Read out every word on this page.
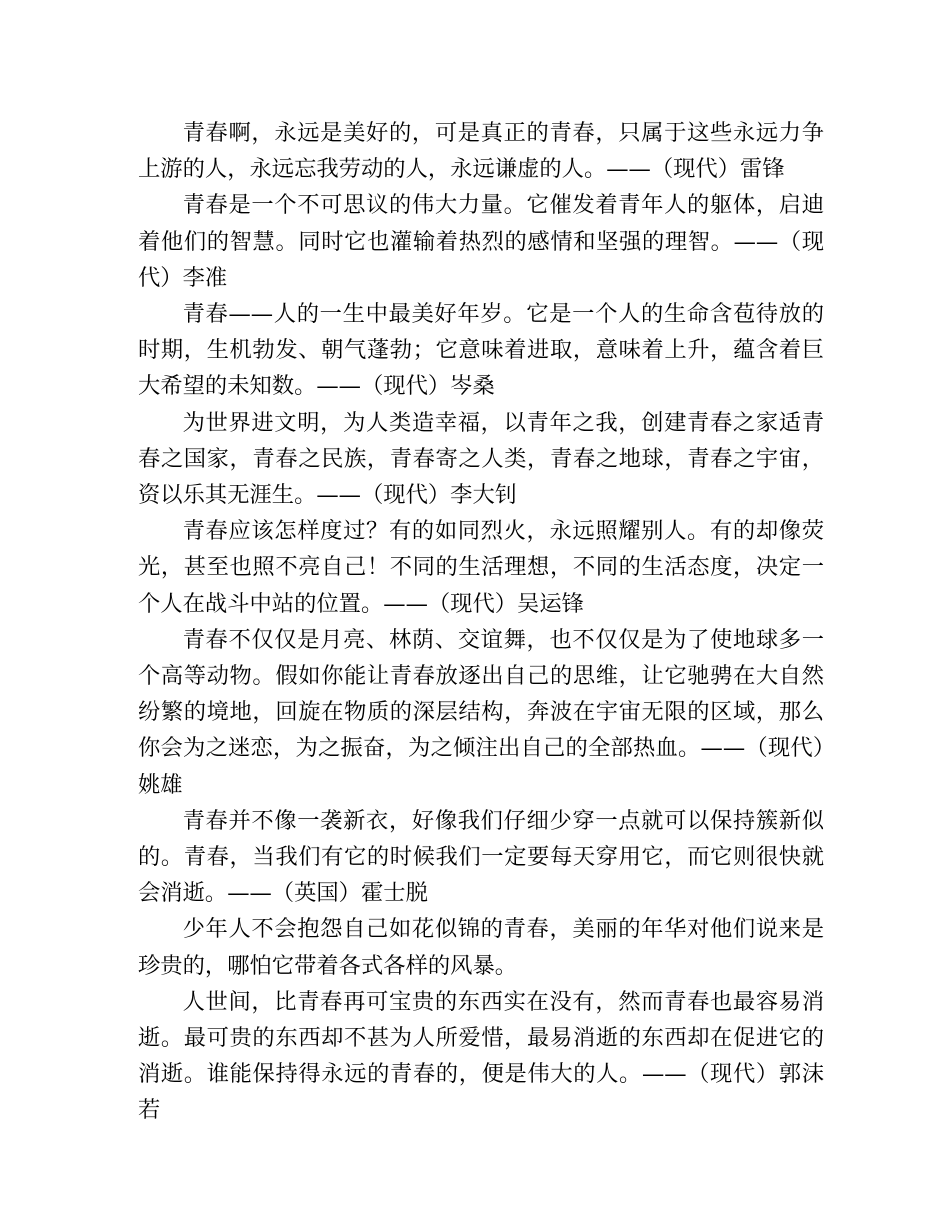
青春啊，永远是美好的，可是真正的青春，只属于这些永远力争上游的人，永远忘我劳动的人，永远谦虚的人。——（现代）雷锋

青春是一个不可思议的伟大力量。它催发着青年人的躯体，启迪着他们的智慧。同时它也灌输着热烈的感情和坚强的理智。——（现代）李准

青春——人的一生中最美好年岁。它是一个人的生命含苞待放的时期，生机勃发、朝气蓬勃；它意味着进取，意味着上升，蕴含着巨大希望的未知数。——（现代）岑桑

为世界进文明，为人类造幸福，以青年之我，创建青春之家适青春之国家，青春之民族，青春寄之人类，青春之地球，青春之宇宙，资以乐其无涯生。——（现代）李大钊

青春应该怎样度过？有的如同烈火，永远照耀别人。有的却像荧光，甚至也照不亮自己！不同的生活理想，不同的生活态度，决定一个人在战斗中站的位置。——（现代）吴运锋

青春不仅仅是月亮、林荫、交谊舞，也不仅仅是为了使地球多一个高等动物。假如你能让青春放逐出自己的思维，让它驰骋在大自然纷繁的境地，回旋在物质的深层结构，奔波在宇宙无限的区域，那么你会为之迷恋，为之振奋，为之倾注出自己的全部热血。——（现代）姚雄

青春并不像一袭新衣，好像我们仔细少穿一点就可以保持簇新似的。青春，当我们有它的时候我们一定要每天穿用它，而它则很快就会消逝。——（英国）霍士脱

少年人不会抱怨自己如花似锦的青春，美丽的年华对他们说来是珍贵的，哪怕它带着各式各样的风暴。

人世间，比青春再可宝贵的东西实在没有，然而青春也最容易消逝。最可贵的东西却不甚为人所爱惜，最易消逝的东西却在促进它的消逝。谁能保持得永远的青春的，便是伟大的人。——（现代）郭沫若
